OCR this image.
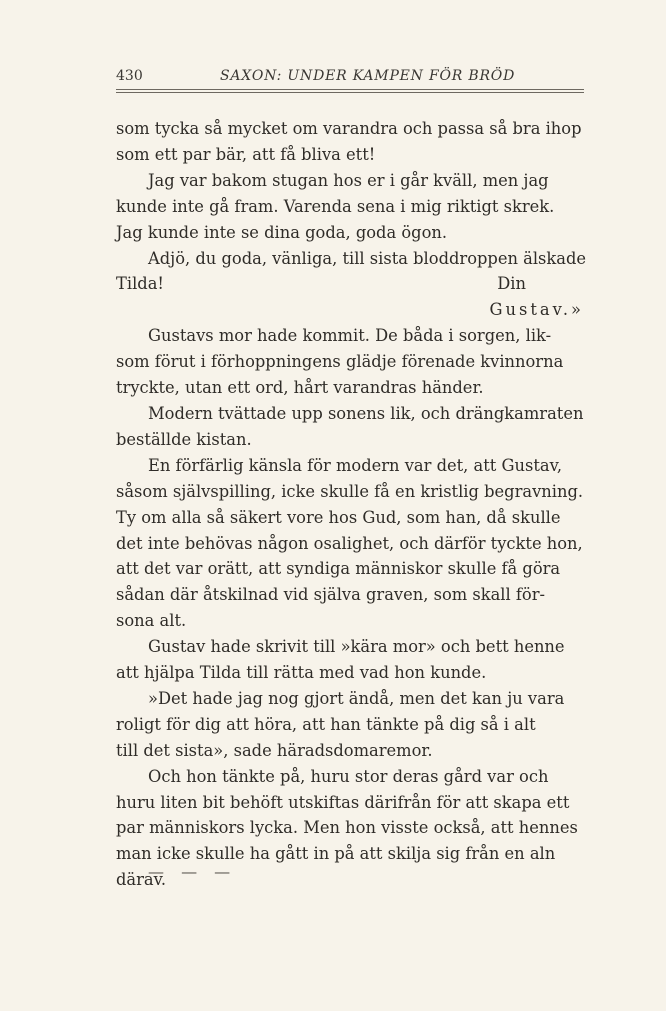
430	SAXON: UNDER KAMPEN FÖR BRÖD
som tycka så mycket om varandra och passa så bra ihop
som ett par bär, att få bliva ett!
Jag var bakom stugan hos er i går kväll, men jag
kunde inte gå fram. Varenda sena i mig riktigt skrek.
Jag kunde inte se dina goda, goda ögon.
Adjö, du goda, vänliga, till sista bloddroppen älskade
Tilda!	Din
Gustav.»
Gustavs mor hade kommit. De båda i sorgen, lik-
som förut i förhoppningens glädje förenade kvinnorna
tryckte, utan ett ord, hårt varandras händer.
Modern tvättade upp sonens lik, och drängkamraten
beställde kistan.
En förfärlig känsla för modern var det, att Gustav,
såsom självspilling, icke skulle få en kristlig begravning.
Ty om alla så säkert vore hos Gud, som han, då skulle
det inte behövas någon osalighet, och därför tyckte hon,
att det var orätt, att syndiga människor skulle få göra
sådan där åtskilnad vid själva graven, som skall för-
sona alt.
Gustav hade skrivit till »kära mor» och bett henne
att hjälpa Tilda till rätta med vad hon kunde.
»Det hade jag nog gjort ändå, men det kan ju vara
roligt för dig att höra, att han tänkte på dig så i alt
till det sista», sade häradsdomaremor.
Och hon tänkte på, huru stor deras gård var och
huru liten bit behöft utskiftas därifrån för att skapa ett
par människors lycka. Men hon visste också, att hennes
man icke skulle ha gått in på att skilja sig från en aln
därav.
— — —
